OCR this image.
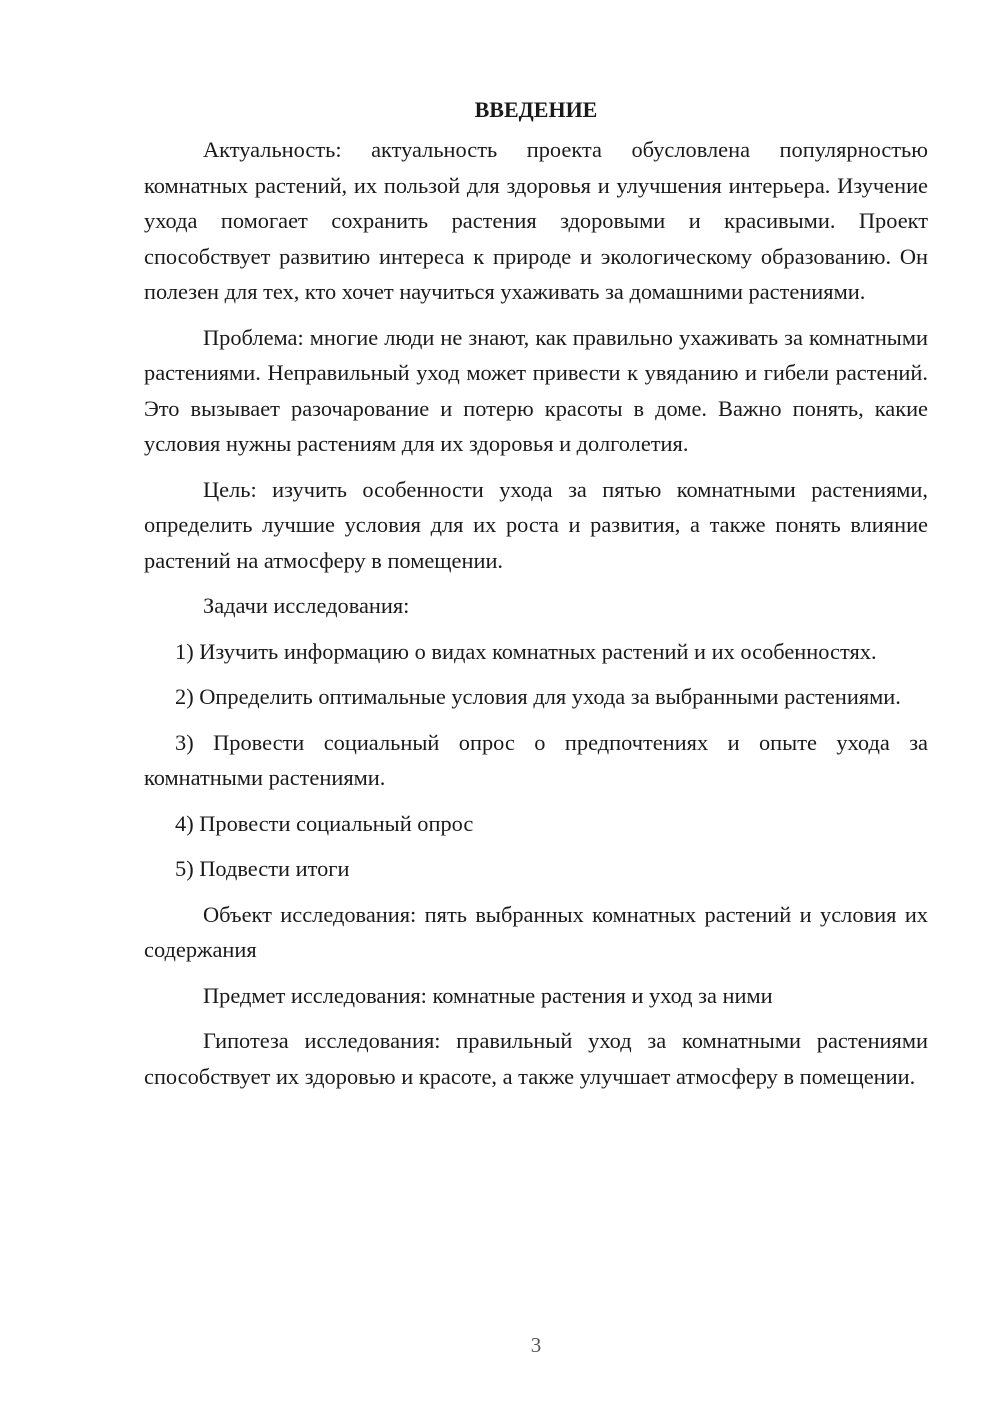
ВВЕДЕНИЕ

Актуальность: актуальность проекта обусловлена популярностью комнатных растений, их пользой для здоровья и улучшения интерьера. Изучение ухода помогает сохранить растения здоровыми и красивыми. Проект способствует развитию интереса к природе и экологическому образованию. Он полезен для тех, кто хочет научиться ухаживать за домашними растениями.

Проблема: многие люди не знают, как правильно ухаживать за комнатными растениями. Неправильный уход может привести к увяданию и гибели растений. Это вызывает разочарование и потерю красоты в доме. Важно понять, какие условия нужны растениям для их здоровья и долголетия.

Цель: изучить особенности ухода за пятью комнатными растениями, определить лучшие условия для их роста и развития, а также понять влияние растений на атмосферу в помещении.

Задачи исследования:

1) Изучить информацию о видах комнатных растений и их особенностях.

2) Определить оптимальные условия для ухода за выбранными растениями.

3) Провести социальный опрос о предпочтениях и опыте ухода за комнатными растениями.

4) Провести социальный опрос

5) Подвести итоги

Объект исследования: пять выбранных комнатных растений и условия их содержания

Предмет исследования: комнатные растения и уход за ними

Гипотеза исследования: правильный уход за комнатными растениями способствует их здоровью и красоте, а также улучшает атмосферу в помещении.

3
